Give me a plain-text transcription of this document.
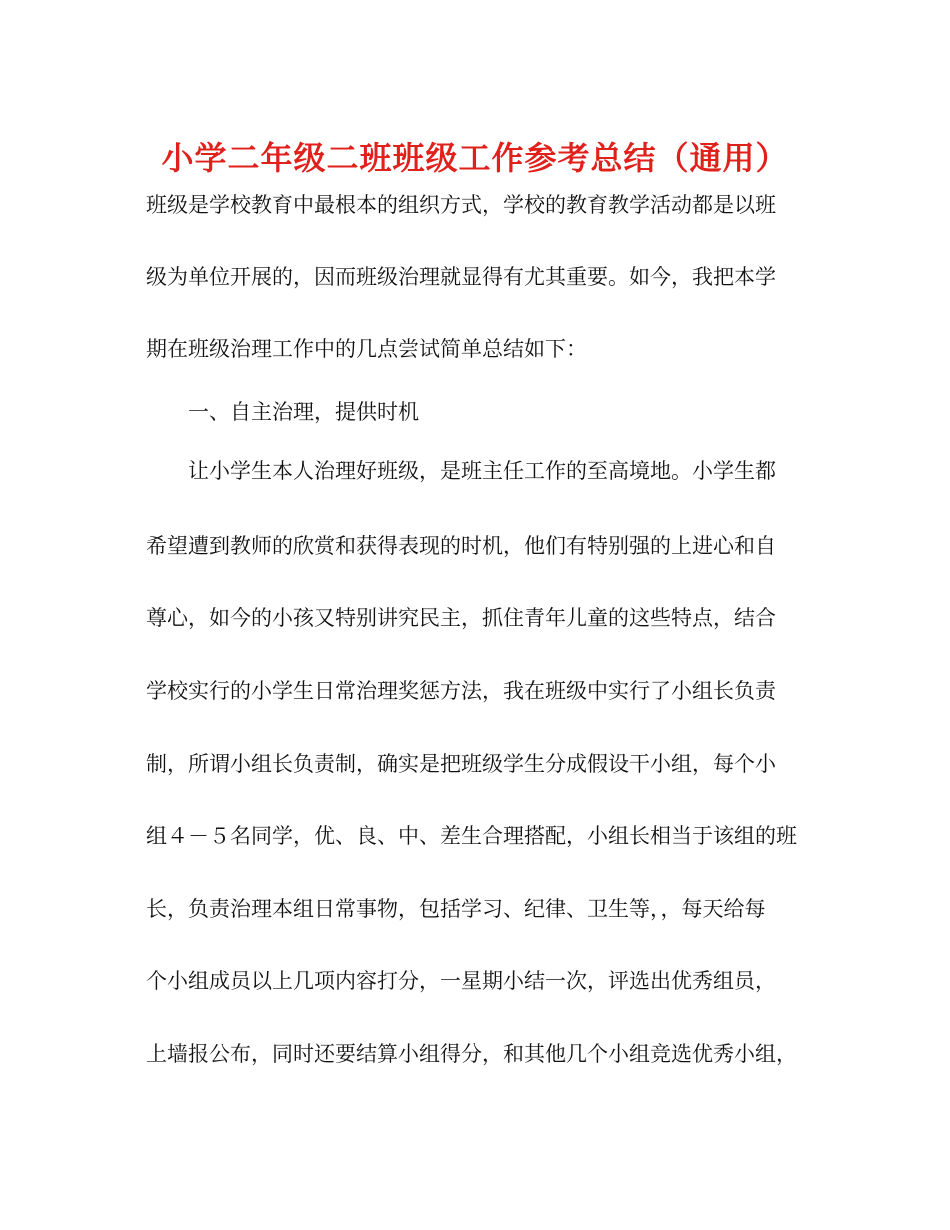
小学二年级二班班级工作参考总结（通用）

班级是学校教育中最根本的组织方式，学校的教育教学活动都是以班

级为单位开展的，因而班级治理就显得有尤其重要。如今，我把本学

期在班级治理工作中的几点尝试简单总结如下：

一、自主治理，提供时机

让小学生本人治理好班级，是班主任工作的至高境地。小学生都

希望遭到教师的欣赏和获得表现的时机，他们有特别强的上进心和自

尊心，如今的小孩又特别讲究民主，抓住青年儿童的这些特点，结合

学校实行的小学生日常治理奖惩方法，我在班级中实行了小组长负责

制，所谓小组长负责制，确实是把班级学生分成假设干小组，每个小

组４－５名同学，优、良、中、差生合理搭配，小组长相当于该组的班

长，负责治理本组日常事物，包括学习、纪律、卫生等，，每天给每

个小组成员以上几项内容打分，一星期小结一次，评选出优秀组员，

上墙报公布，同时还要结算小组得分，和其他几个小组竞选优秀小组，
